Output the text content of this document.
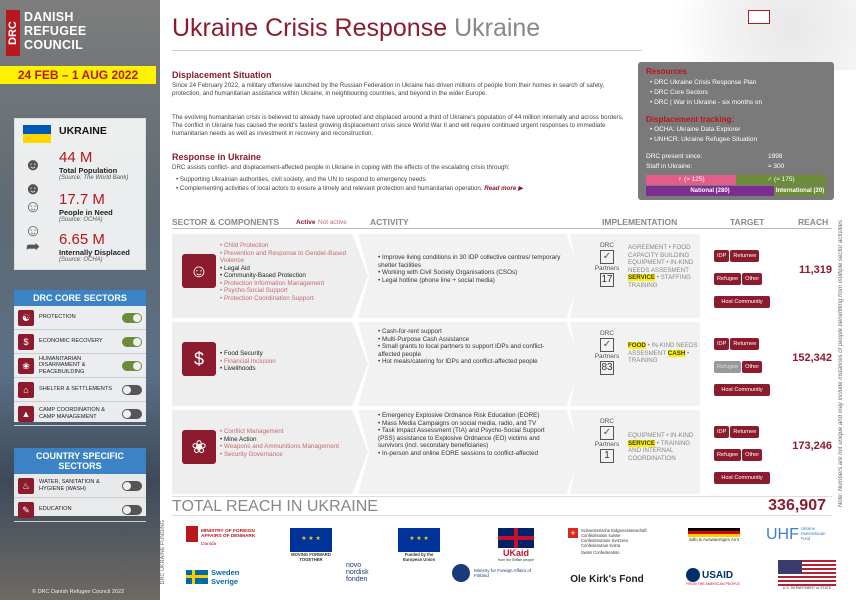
DRC
DANISH
REFUGEE
COUNCIL
24 FEB – 1 AUG 2022
UKRAINE
☻☻
44 M
Total Population
(Source: The World Bank)
☺☺
17.7 M
People in Need
(Source: OCHA)
➦	6.65 M
Internally Displaced
(Source: OCHA)
DRC CORE SECTORS
☯	PROTECTION
$	ECONOMIC RECOVERY
❀
HUMANITARIAN DISARMAMENT & PEACEBUILDING
⌂	SHELTER & SETTLEMENTS
▲	CAMP COORDINATION & CAMP MANAGEMENT
COUNTRY SPECIFIC SECTORS
♨	WATER, SANITATION & HYGIENE (WASH)
✎	EDUCATION
© DRC Danish Refugee Council 2022
Ukraine Crisis Response Ukraine
Displacement Situation
Since 24 February 2022, a military offensive launched by the Russian Federation in Ukraine has driven millions of people from their homes in search of safety, protection, and humanitarian assistance within Ukraine, in neighbouring countries, and beyond in the wider Europe.
The evolving humanitarian crisis is believed to already have uprooted and displaced around a third of Ukraine's population of 44 million internally and across borders. The conflict in Ukraine has caused the world's fastest growing displacement crisis since World War II and will require continued urgent responses to immediate humanitarian needs as well as investment in recovery and reconstruction.
Response in Ukraine
DRC assists conflict- and displacement-affected people in Ukraine in coping with the effects of the escalating crisis through:
• Supporting Ukrainian authorities, civil society, and the UN to respond to emergency needs
• Complementing activities of local actors to ensure a timely and relevant protection and humanitarian operation. Read more ▶
Resources
• DRC Ukraine Crisis Response Plan
• DRC Core Sectors
• DRC | War in Ukraine - six months on
Displacement tracking:
• OCHA: Ukraine Data Explorer
• UNHCR: Ukraine Refugee Situation
DRC present since:	1998
Staff in Ukraine:	≈ 300
♀ (≈ 125)	♂ (≈ 175)
National (280)	International (20)
SECTOR & COMPONENTS	Active Not active	ACTIVITY	IMPLEMENTATION	TARGET	REACH
☺
• Child Protection
• Prevention and Response to Gender-Based Violence
• Legal Aid
• Community-Based Protection
• Protection Information Management
• Psycho-Social Support
• Protection Coordination Support
• Improve living conditions in 30 IDP collective centres/ temporary shelter facilities
• Working with Civil Society Organisations (CSOs)
• Legal hotline (phone line + social media)
DRC
✓
Partners
17
AGREEMENT • FOOD CAPACITY BUILDING EQUIPMENT • IN-KIND NEEDS ASSESMENT SERVICE • STAFFING TRAINING
IDP Returnee Refugee Other Host Community
11,319
$
•	Food Security
• Financial Inclusion
• Livelihoods
• Cash-for-rent support
• Multi-Purpose Cash Assistance
• Small grants to local partners to support IDPs and conflict-affected people
• Hot meals/catering for IDPs and conflict-affected people
DRC
✓
Partners
83
FOOD • IN-KIND NEEDS ASSESMENT CASH • TRAINING
IDP Returnee Refugee Other Host Community
152,342
❀
• Conflict Management
• Mine Action
• Weapons and Ammunitions Management
• Security Governance
• Emergency Explosive Ordnance Risk Education (EORE)
• Mass Media Campaigns on social media, radio, and TV
• Task Impact Assessment (TIA) and Psycho-Social Support (PSS) assistance to Explosive Ordnance (EO) victims and survivors (incl. secondary beneficiaries)
• In-person and online EORE sessions to conflict-affected
DRC
✓
Partners
1
EQUIPMENT • IN-KIND SERVICE • TRAINING AND INTERNAL COORDINATION
IDP Returnee Refugee Other Host Community
173,246
TOTAL REACH IN UKRAINE	336,907 Note: Numbers are not unique and may include instances of people benefitting from multiple sector activities
DRC UKRAINE FUNDING	MINISTRY OF FOREIGN AFFAIRS OF DENMARK
Danida
★ ★ ★
MOVING FORWARD TOGETHER
★ ★ ★
Funded by the European Union
UKaid
from the British people
+	Schweizerische Eidgenossenschaft
Confédération suisse
Confederazione Svizzera
Confederaziun svizra
Swiss Confederation
ädlü & Auswaertiges Amt UHF Ukraine Humanitarian Fund
Sweden Sverige
novo nordisk fonden
Ministry for Foreign Affairs of Finland	Ole Kirk's Fond	USAID
FROM THE AMERICAN PEOPLE
U.S. DEPARTMENT of STATE
